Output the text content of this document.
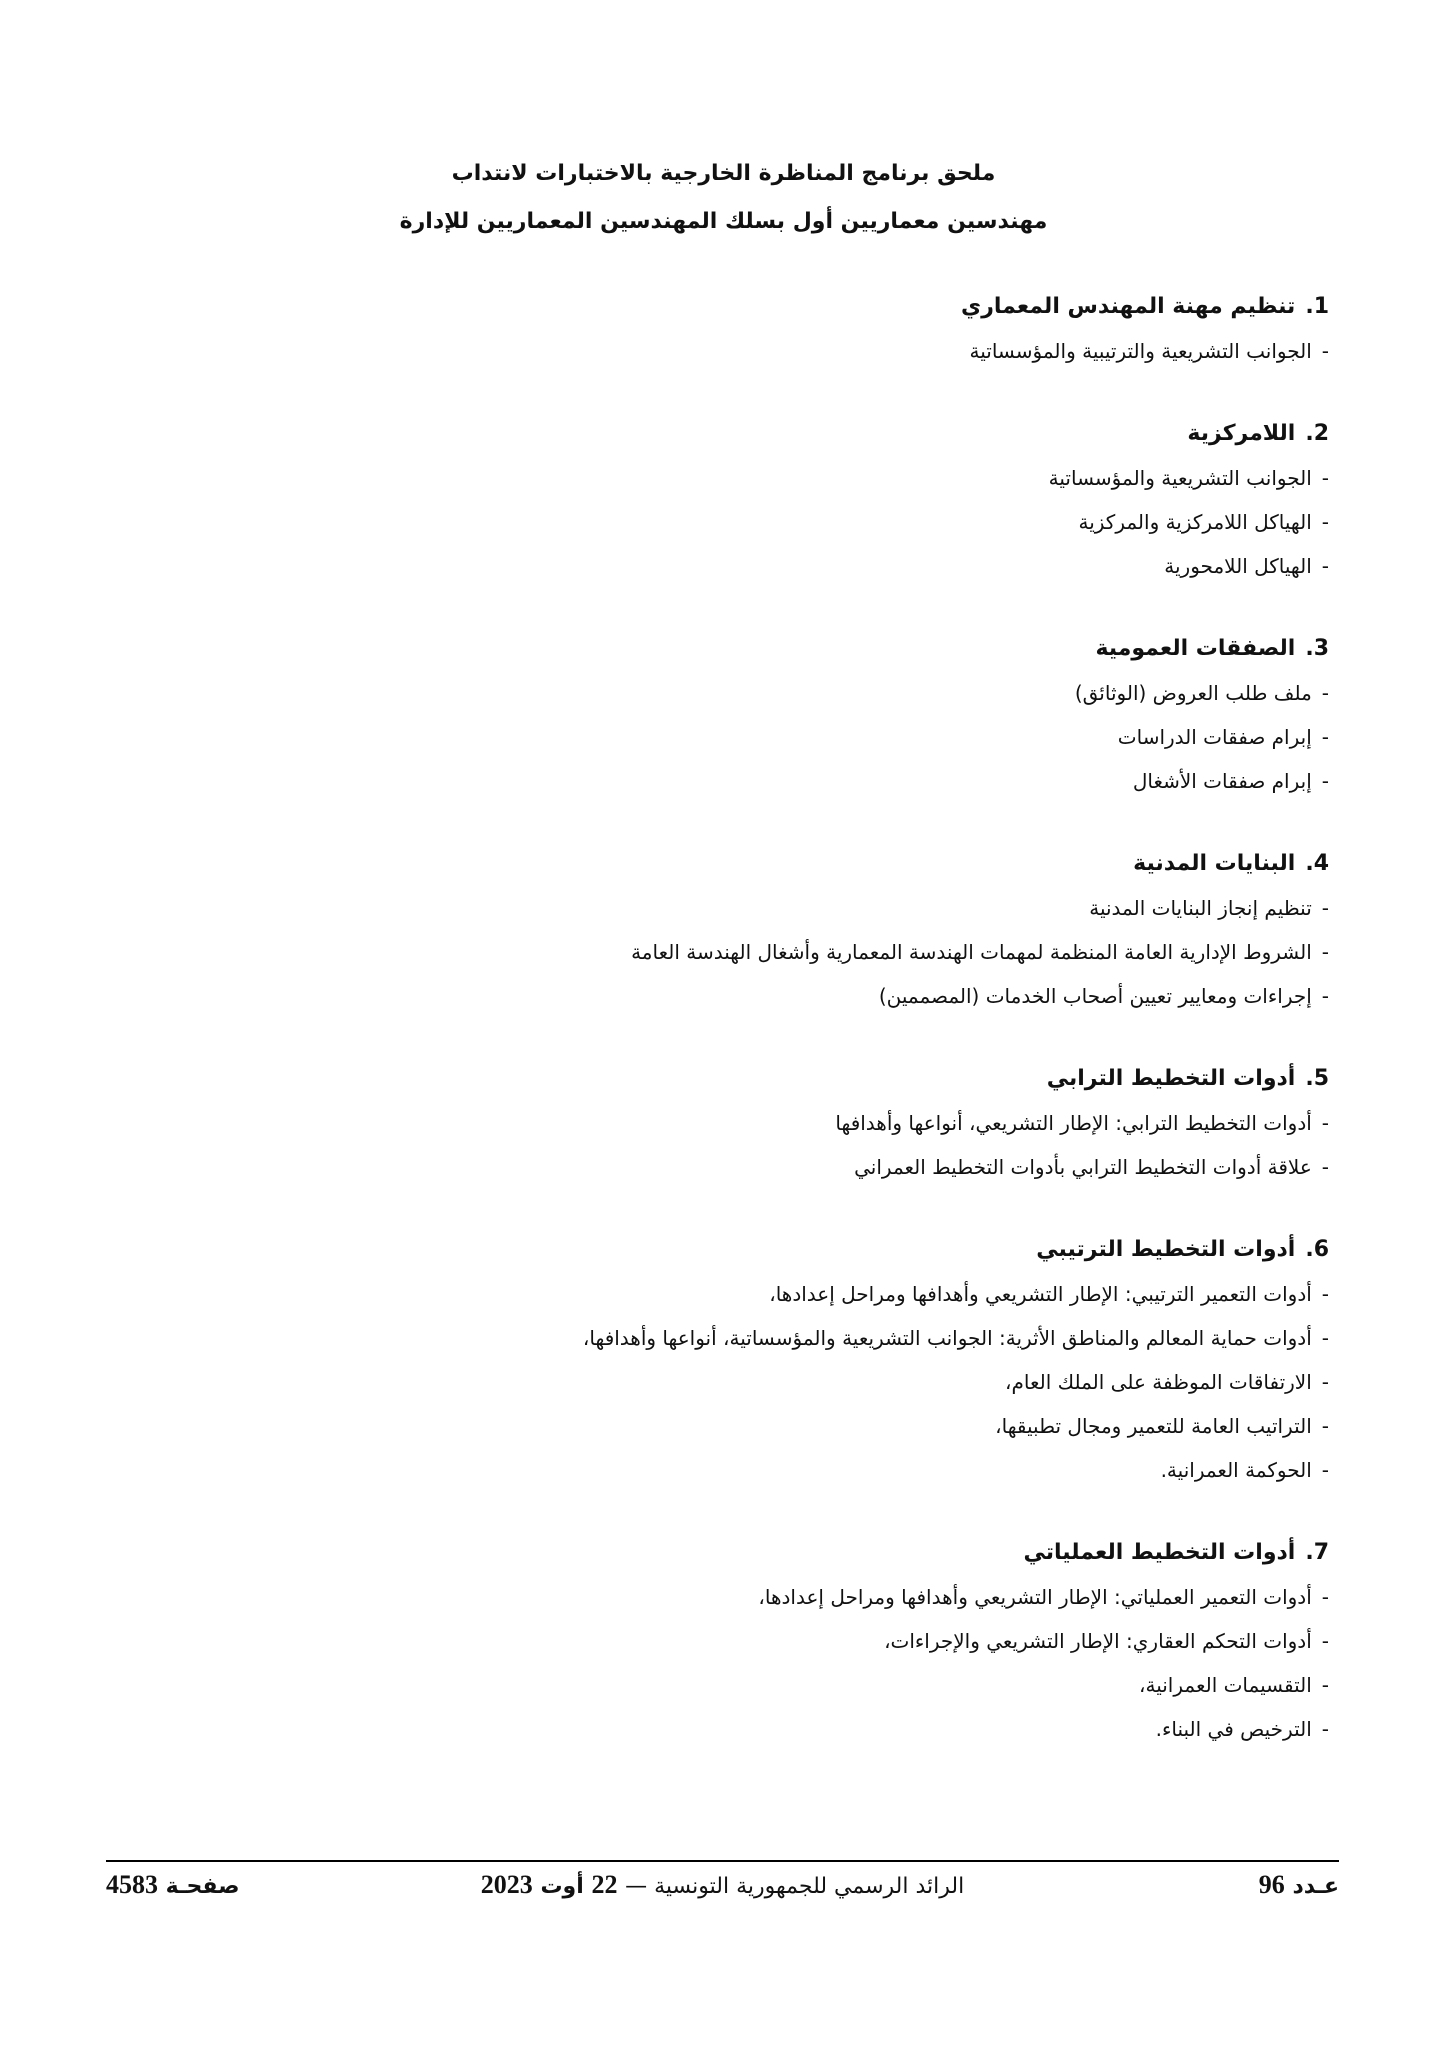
ملحق برنامج المناظرة الخارجية بالاختبارات لانتداب
مهندسين معماريين أول بسلك المهندسين المعماريين للإدارة
1.
تنظيم مهنة المهندس المعماري
-الجوانب التشريعية والترتيبية والمؤسساتية
2.
اللامركزية
-الجوانب التشريعية والمؤسساتية
-الهياكل اللامركزية والمركزية
-الهياكل اللامحورية
3.
الصفقات العمومية
-ملف طلب العروض (الوثائق)
-إبرام صفقات الدراسات
-إبرام صفقات الأشغال
4.
البنايات المدنية
-تنظيم إنجاز البنايات المدنية
-الشروط الإدارية العامة المنظمة لمهمات الهندسة المعمارية وأشغال الهندسة العامة
-إجراءات ومعايير تعيين أصحاب الخدمات (المصممين)
5.
أدوات التخطيط الترابي
-أدوات التخطيط الترابي: الإطار التشريعي، أنواعها وأهدافها
-علاقة أدوات التخطيط الترابي بأدوات التخطيط العمراني
6.
أدوات التخطيط الترتيبي
-أدوات التعمير الترتيبي: الإطار التشريعي وأهدافها ومراحل إعدادها،
-أدوات حماية المعالم والمناطق الأثرية: الجوانب التشريعية والمؤسساتية، أنواعها وأهدافها،
-الارتفاقات الموظفة على الملك العام،
-التراتيب العامة للتعمير ومجال تطبيقها،
-الحوكمة العمرانية.
7.
أدوات التخطيط العملياتي
-أدوات التعمير العملياتي: الإطار التشريعي وأهدافها ومراحل إعدادها،
-أدوات التحكم العقاري: الإطار التشريعي والإجراءات،
-التقسيمات العمرانية،
-الترخيص في البناء.
عـدد 96
الرائد الرسمي للجمهورية التونسية — 22 أوت 2023
صفحـة 4583
